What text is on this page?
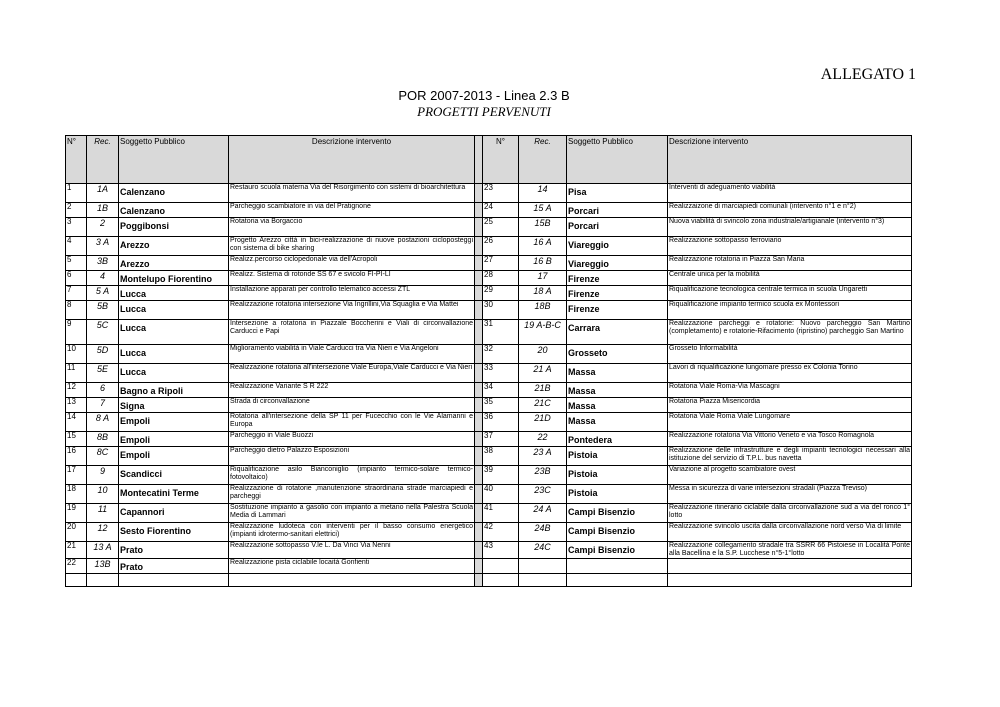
ALLEGATO 1
POR 2007-2013 - Linea 2.3 B
PROGETTI PERVENUTI
N°	Rec.	Soggetto Pubblico	Descrizione intervento		N°	Rec.	Soggetto Pubblico	Descrizione intervento
1	1A	Calenzano	Restauro scuola materna Via del Risorgimento con sistemi di bioarchitettura		23	14	Pisa	Interventi di adeguamento viabilità
2	1B	Calenzano	Parcheggio scambiatore in via del Pratignone		24	15 A	Porcari	Realizzaizone di marciapiedi comunali (intervento n°1 e n°2)
3	2	Poggibonsi	Rotatoria via Borgaccio		25	15B	Porcari	Nuova viabilità di svincolo zona industriale/artigianale (intervento n°3)
4	3 A	Arezzo	Progetto Arezzo città in bici-realizzazione di nuove postazioni cicloposteggi con sistema di bike sharing		26	16 A	Viareggio	Realizzazione sottopasso ferroviario
5	3B	Arezzo	Realizz.percorso ciclopedonale via dell'Acropoli		27	16 B	Viareggio	Realizzazione rotatoria in Piazza San Maria
6	4	Montelupo Fiorentino	Realizz. Sistema di rotonde SS 67 e svicolo FI-PI-LI		28	17	Firenze	Centrale unica per la mobilità
7	5 A	Lucca	Installazione apparati per controllo telematico accessi ZTL		29	18 A	Firenze	Riqualificazione tecnologica centrale termica in scuola Ungaretti
8	5B	Lucca	Realizzazione rotatoria intersezione Via Ingrillini,Via Squaglia e Via Mattei		30	18B	Firenze	Riqualificazione impianto termico scuola ex Montessori
9	5C	Lucca	Intersezione a rotatoria in Piazzale Boccherini e Viali di circonvallazione Carducci e Papi		31	19 A-B-C	Carrara	Realizzazione parcheggi e rotatorie: Nuovo parcheggio San Martino (completamento) e rotatorie-Rifacimento (ripristino) parcheggio San Martino
10	5D	Lucca	Miglioramento viabilità in Viale Carducci tra Via Nieri e Via Angeloni		32	20	Grosseto	Grosseto Informabilità
11	5E	Lucca	Realizzazione rotatoria all'intersezione Viale Europa,Viale Carducci e Via Nieri		33	21 A	Massa	Lavori di riqualificazione lungomare presso ex Colonia Torino
12	6	Bagno a Ripoli	Realizzazione Variante S R 222		34	21B	Massa	Rotatoria Viale Roma-Via Mascagni
13	7	Signa	Strada di circonvallazione		35	21C	Massa	Rotatoria Piazza Misericordia
14	8 A	Empoli	Rotatoria all'intersezione della SP 11 per Fucecchio con le Vie Alamanni e Europa		36	21D	Massa	Rotatoria Viale Roma Viale Lungomare
15	8B	Empoli	Parcheggio in Viale Buozzi		37	22	Pontedera	Realizzazione rotatoria Via Vittorio Veneto e via Tosco Romagnola
16	8C	Empoli	Parcheggio dietro Palazzo Esposizioni		38	23 A	Pistoia	Realizzazione delle infrastrutture e degli impianti tecnologici necessari alla istituzione del servizio di T.P.L. bus navetta
17	9	Scandicci	Riqualificazione asilo Bianconiglio (impianto termico-solare termico-fotovoltaico)		39	23B	Pistoia	Variazione al progetto scambiatore ovest
18	10	Montecatini Terme	Realizzazione di rotatorie ,manutenzione straordinaria strade marciapiedi e parcheggi		40	23C	Pistoia	Messa in sicurezza di varie intersezioni stradali (Piazza Treviso)
19	11	Capannori	Sostituzione impianto a gasolio con impianto a metano nella Palestra Scuola Media di Lammari		41	24 A	Campi Bisenzio	Realizzazione itinerario ciclabile dalla circonvallazione sud a via del ronco 1° lotto
20	12	Sesto Fiorentino	Realizzazione ludoteca con interventi per il basso consumo energetico (impianti idrotermo-sanitari elettrici)		42	24B	Campi Bisenzio	Realizzazione svincolo uscita dalla circonvallazione nord verso Via di limite
21	13 A	Prato	Realizzazione sottopasso V.le L. Da Vinci Via Nenni		43	24C	Campi Bisenzio	Realizzazione collegamento stradale tra SSRR 66 Pistoiese in Località Ponte alla Bacellina e la S.P. Lucchese n°5-1°lotto
22	13B	Prato	Realizzazione pista ciclabile locaità Gonfienti					
